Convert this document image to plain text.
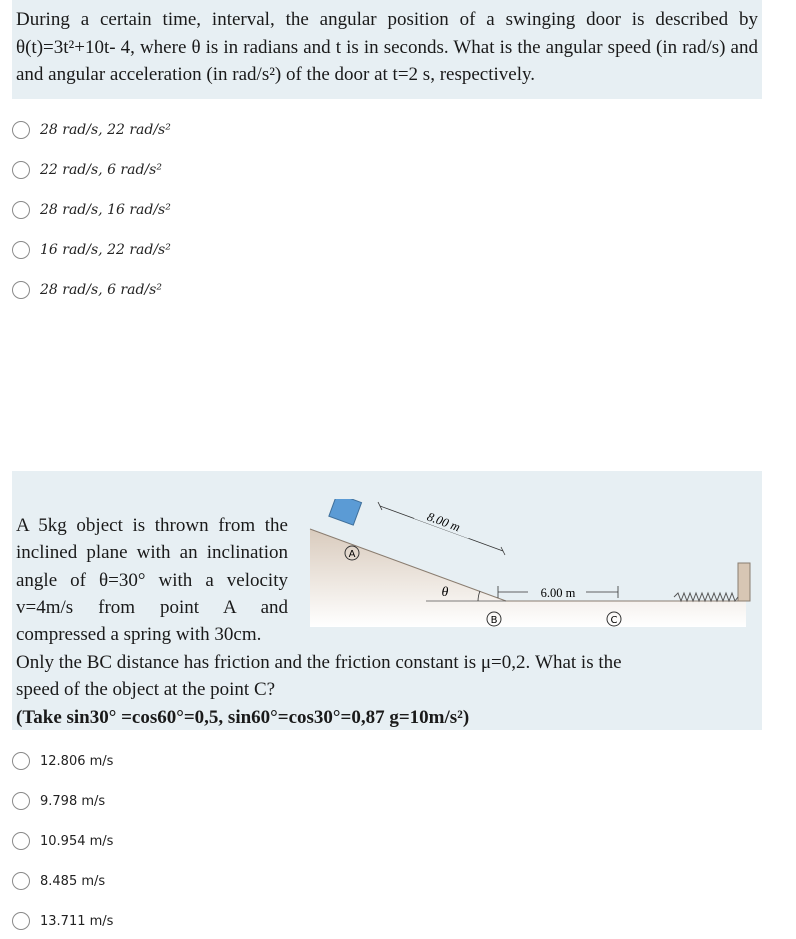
During a certain time, interval, the angular position of a swinging door is described by θ(t)=3t²+10t- 4, where θ is in radians and t is in seconds. What is the angular speed (in rad/s) and and angular acceleration (in rad/s²) of the door at t=2 s, respectively.

28 rad/s, 22 rad/s²
22 rad/s, 6 rad/s²
28 rad/s, 16 rad/s²
16 rad/s, 22 rad/s²
28 rad/s, 6 rad/s²
A 5kg object is thrown from the
inclined plane with an inclination
angle of θ=30° with a velocity
v=4m/s from point A and
compressed a spring with 30cm.
Only the BC distance has friction and the friction constant is μ=0,2. What is the
speed of the object at the point C?
(Take sin30° =cos60°=0,5, sin60°=cos30°=0,87 g=10m/s²)
A
8.00 m
θ	6.00 m
B	C
12.806 m/s
9.798 m/s
10.954 m/s
8.485 m/s
13.711 m/s
